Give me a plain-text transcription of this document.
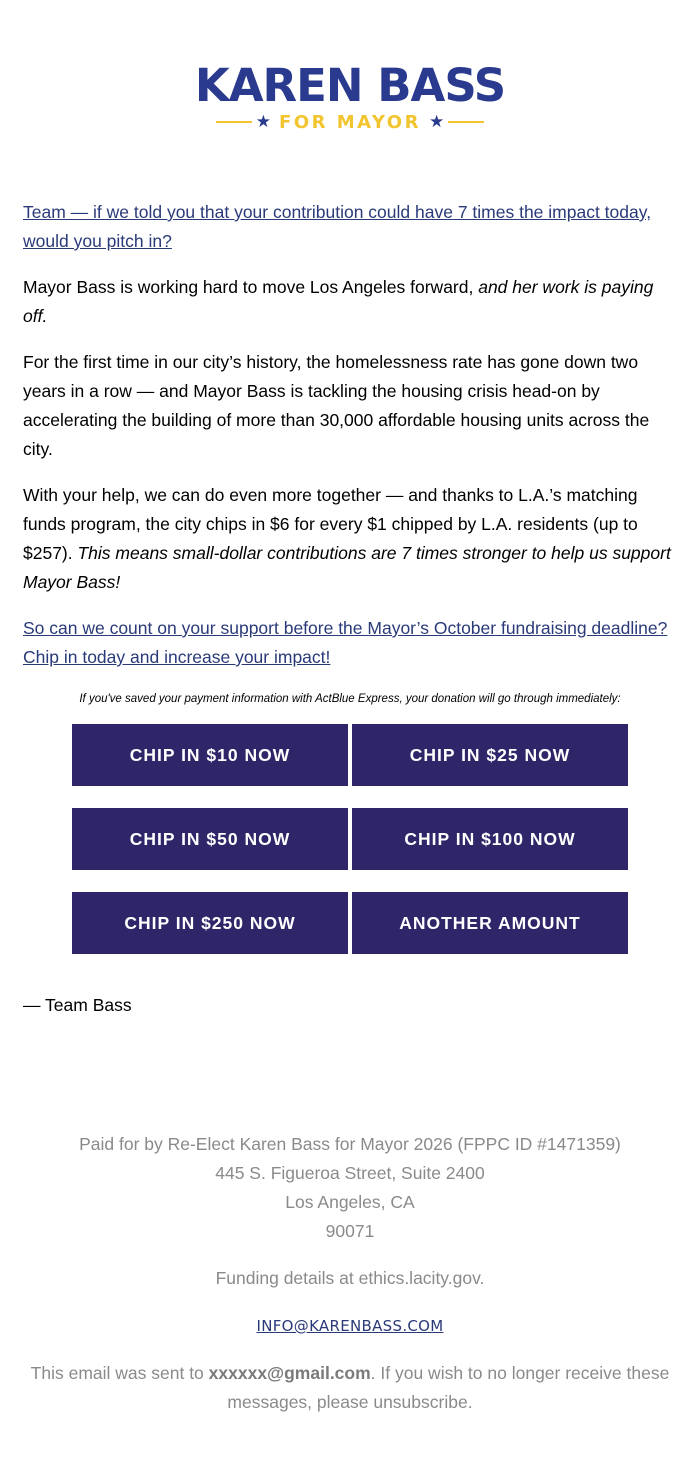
KAREN BASS
★ FOR MAYOR ★

Team — if we told you that your contribution could have 7 times the impact today, would you pitch in?

Mayor Bass is working hard to move Los Angeles forward, and her work is paying off.

For the first time in our city’s history, the homelessness rate has gone down two years in a row — and Mayor Bass is tackling the housing crisis head-on by accelerating the building of more than 30,000 affordable housing units across the city.

With your help, we can do even more together — and thanks to L.A.’s matching funds program, the city chips in $6 for every $1 chipped by L.A. residents (up to $257). This means small-dollar contributions are 7 times stronger to help us support Mayor Bass!

So can we count on your support before the Mayor’s October fundraising deadline? Chip in today and increase your impact!

If you've saved your payment information with ActBlue Express, your donation will go through immediately:
CHIP IN $10 NOW	CHIP IN $25 NOW
CHIP IN $50 NOW	CHIP IN $100 NOW
CHIP IN $250 NOW	ANOTHER AMOUNT
— Team Bass

Paid for by Re-Elect Karen Bass for Mayor 2026 (FPPC ID #1471359)
445 S. Figueroa Street, Suite 2400
Los Angeles, CA
90071

Funding details at ethics.lacity.gov.

INFO@KARENBASS.COM

This email was sent to xxxxxx@gmail.com. If you wish to no longer receive these messages, please unsubscribe.
